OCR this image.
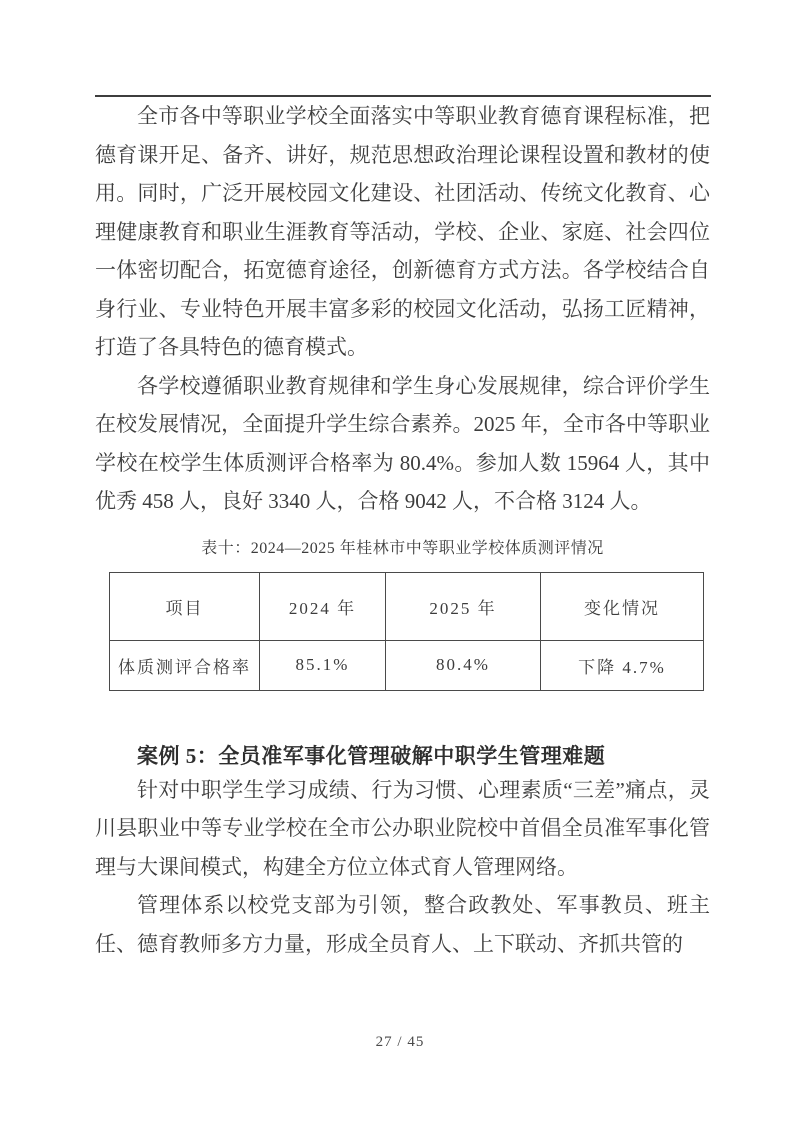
全市各中等职业学校全面落实中等职业教育德育课程标准，把德育课开足、备齐、讲好，规范思想政治理论课程设置和教材的使用。同时，广泛开展校园文化建设、社团活动、传统文化教育、心理健康教育和职业生涯教育等活动，学校、企业、家庭、社会四位一体密切配合，拓宽德育途径，创新德育方式方法。各学校结合自身行业、专业特色开展丰富多彩的校园文化活动，弘扬工匠精神，打造了各具特色的德育模式。

各学校遵循职业教育规律和学生身心发展规律，综合评价学生在校发展情况，全面提升学生综合素养。2025 年，全市各中等职业学校在校学生体质测评合格率为 80.4%。参加人数 15964 人，其中优秀 458 人，良好 3340 人，合格 9042 人，不合格 3124 人。

表十：2024—2025 年桂林市中等职业学校体质测评情况
项目	2024 年	2025 年	变化情况
体质测评合格率	85.1%	80.4%	下降 4.7%
案例 5：全员准军事化管理破解中职学生管理难题

针对中职学生学习成绩、行为习惯、心理素质“三差”痛点，灵川县职业中等专业学校在全市公办职业院校中首倡全员准军事化管理与大课间模式，构建全方位立体式育人管理网络。

管理体系以校党支部为引领，整合政教处、军事教员、班主任、德育教师多方力量，形成全员育人、上下联动、齐抓共管的

27 / 45
